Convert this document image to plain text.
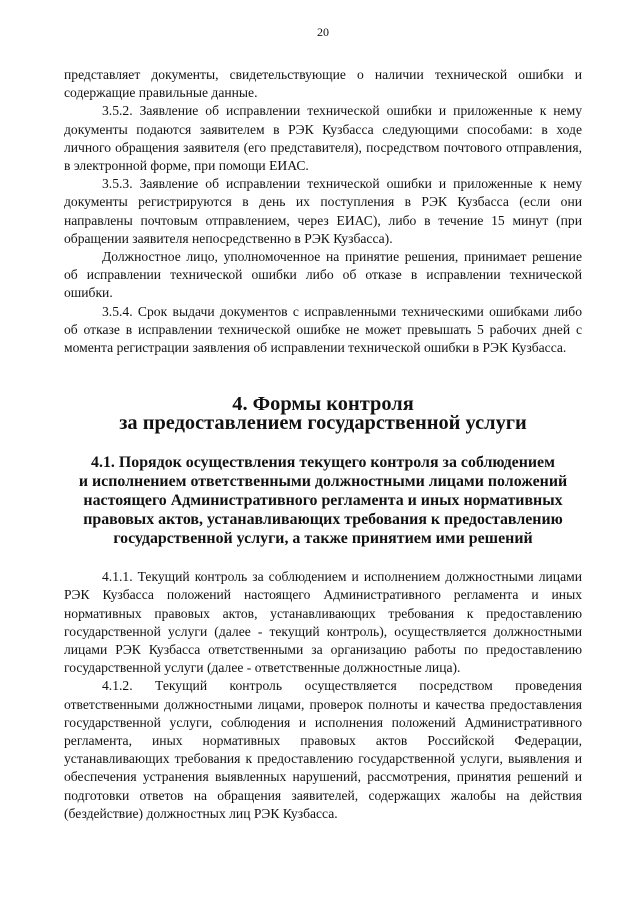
20

представляет документы, свидетельствующие о наличии технической ошибки и содержащие правильные данные.

3.5.2. Заявление об исправлении технической ошибки и приложенные к нему документы подаются заявителем в РЭК Кузбасса следующими способами: в ходе личного обращения заявителя (его представителя), посредством почтового отправления, в электронной форме, при помощи ЕИАС.

3.5.3. Заявление об исправлении технической ошибки и приложенные к нему документы регистрируются в день их поступления в РЭК Кузбасса (если они направлены почтовым отправлением, через ЕИАС), либо в течение 15 минут (при обращении заявителя непосредственно в РЭК Кузбасса).

Должностное лицо, уполномоченное на принятие решения, принимает решение об исправлении технической ошибки либо об отказе в исправлении технической ошибки.

3.5.4. Срок выдачи документов с исправленными техническими ошибками либо об отказе в исправлении технической ошибке не может превышать 5 рабочих дней с момента регистрации заявления об исправлении технической ошибки в РЭК Кузбасса.

4. Формы контроля
за предоставлением государственной услуги
4.1. Порядок осуществления текущего контроля за соблюдением
и исполнением ответственными должностными лицами положений
настоящего Административного регламента и иных нормативных
правовых актов, устанавливающих требования к предоставлению
государственной услуги, а также принятием ими решений

4.1.1. Текущий контроль за соблюдением и исполнением должностными лицами РЭК Кузбасса положений настоящего Административного регламента и иных нормативных правовых актов, устанавливающих требования к предоставлению государственной услуги (далее - текущий контроль), осуществляется должностными лицами РЭК Кузбасса ответственными за организацию работы по предоставлению государственной услуги (далее - ответственные должностные лица).

4.1.2. Текущий контроль осуществляется посредством проведения ответственными должностными лицами, проверок полноты и качества предоставления государственной услуги, соблюдения и исполнения положений Административного регламента, иных нормативных правовых актов Российской Федерации, устанавливающих требования к предоставлению государственной услуги, выявления и обеспечения устранения выявленных нарушений, рассмотрения, принятия решений и подготовки ответов на обращения заявителей, содержащих жалобы на действия (бездействие) должностных лиц РЭК Кузбасса.
